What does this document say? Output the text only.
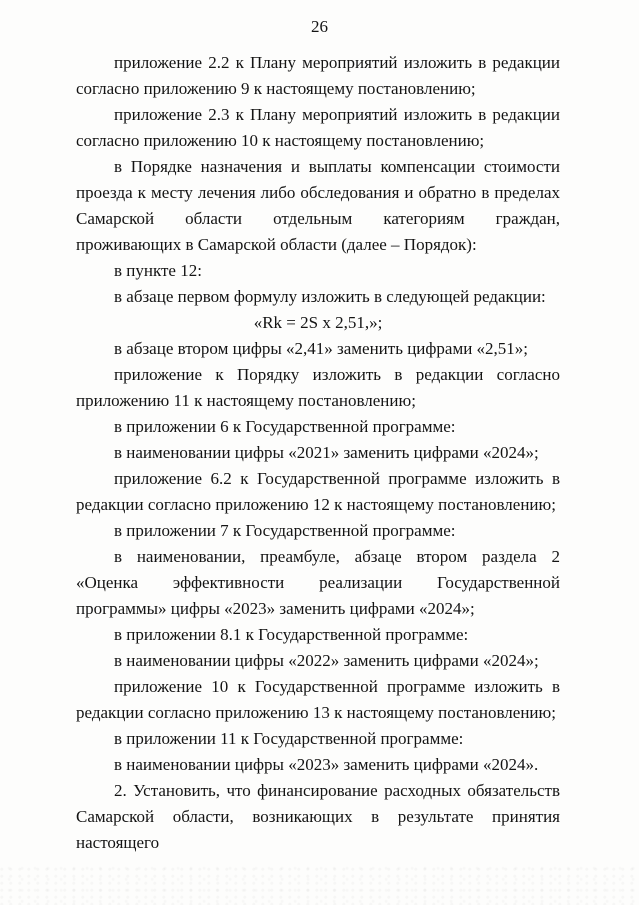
26

приложение 2.2 к Плану мероприятий изложить в редакции согласно приложению 9 к настоящему постановлению;

приложение 2.3 к Плану мероприятий изложить в редакции согласно приложению 10 к настоящему постановлению;

в Порядке назначения и выплаты компенсации стоимости проезда к месту лечения либо обследования и обратно в пределах Самарской области отдельным категориям граждан, проживающих в Самарской области (далее – Порядок):

в пункте 12:

в абзаце первом формулу изложить в следующей редакции:

«Rk = 2S x 2,51,»;

в абзаце втором цифры «2,41» заменить цифрами «2,51»;

приложение к Порядку изложить в редакции согласно приложению 11 к настоящему постановлению;

в приложении 6 к Государственной программе:

в наименовании цифры «2021» заменить цифрами «2024»;

приложение 6.2 к Государственной программе изложить в редакции согласно приложению 12 к настоящему постановлению;

в приложении 7 к Государственной программе:

в наименовании, преамбуле, абзаце втором раздела 2 «Оценка эффективности реализации Государственной программы» цифры «2023» заменить цифрами «2024»;

в приложении 8.1 к Государственной программе:

в наименовании цифры «2022» заменить цифрами «2024»;

приложение 10 к Государственной программе изложить в редакции согласно приложению 13 к настоящему постановлению;

в приложении 11 к Государственной программе:

в наименовании цифры «2023» заменить цифрами «2024».

2. Установить, что финансирование расходных обязательств Самарской области, возникающих в результате принятия настоящего
